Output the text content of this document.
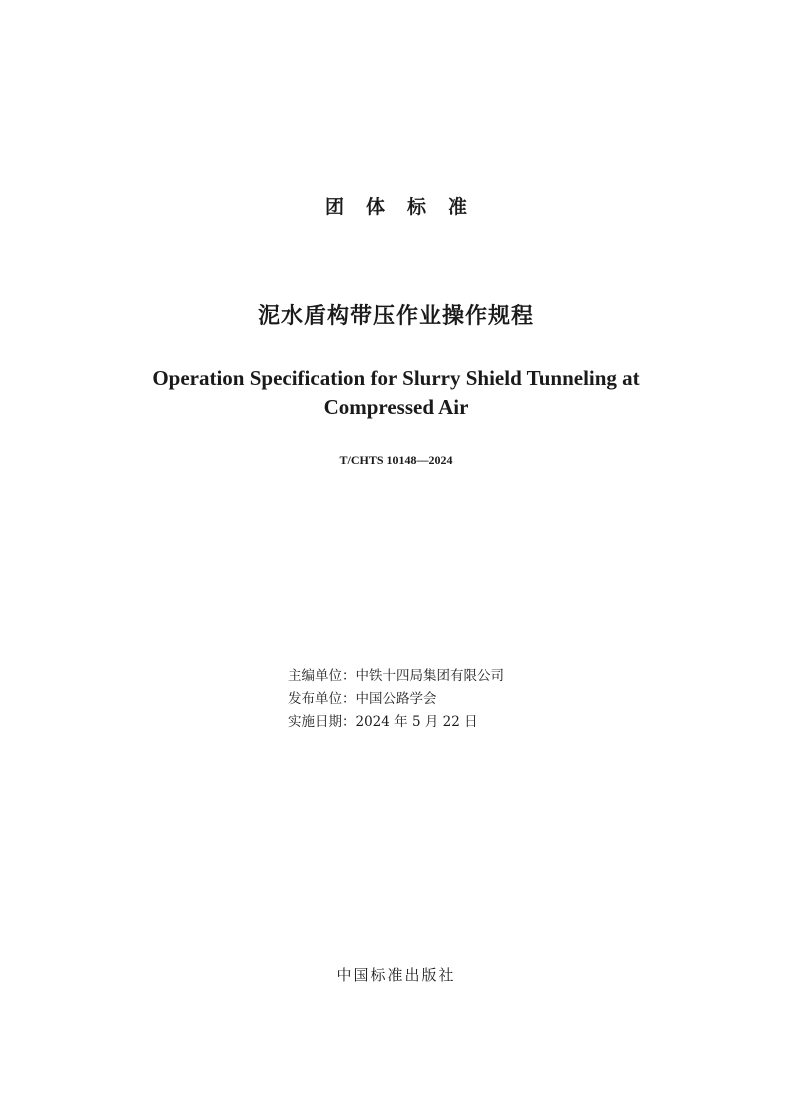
团体标准
泥水盾构带压作业操作规程
Operation Specification for Slurry Shield Tunneling at
Compressed Air
T/CHTS 10148—2024
主编单位：中铁十四局集团有限公司
发布单位：中国公路学会
实施日期：2024 年 5 月 22 日
中国标准出版社
